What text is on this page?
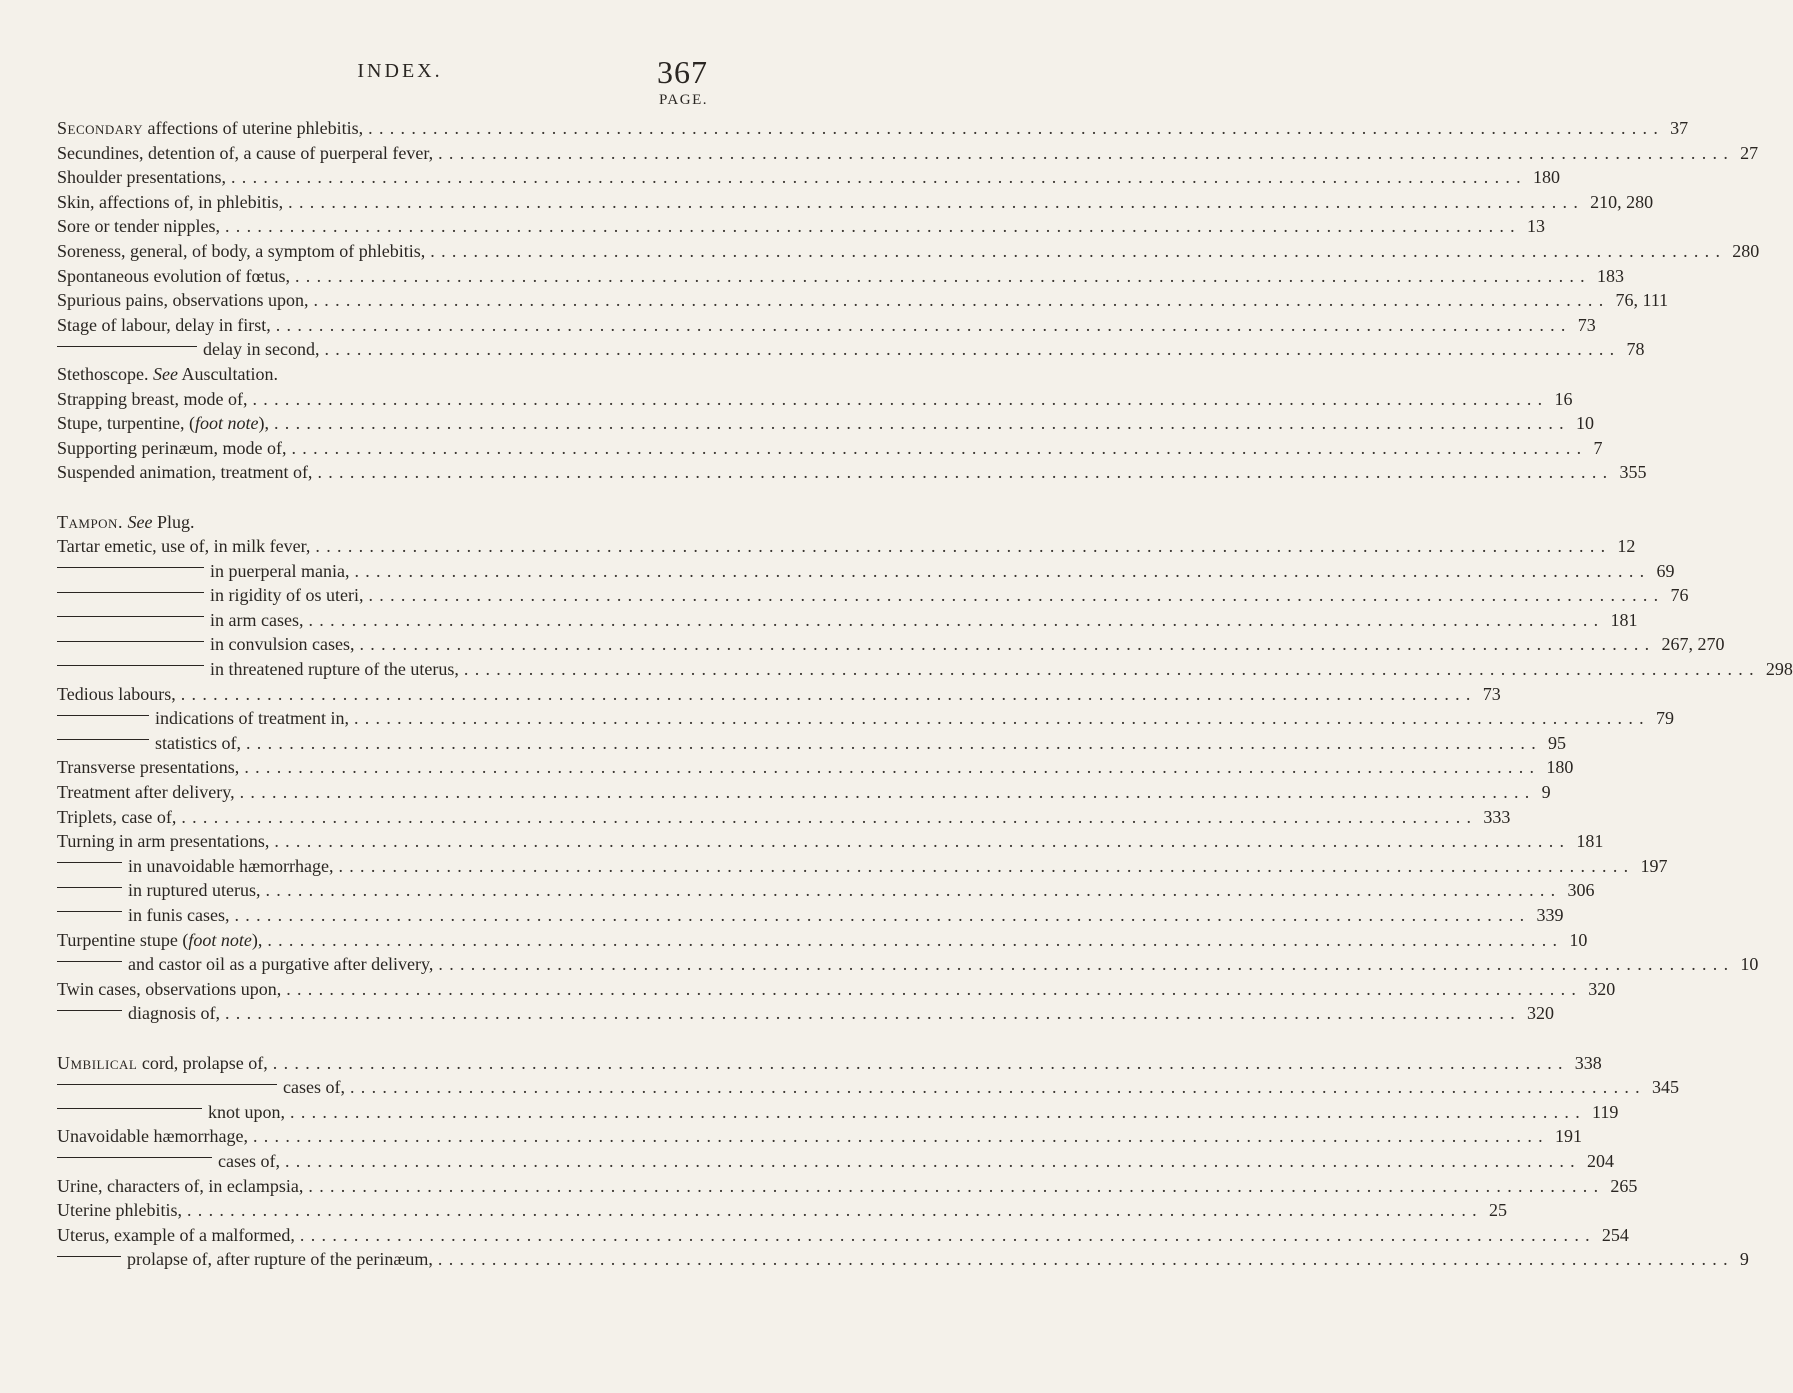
INDEX.	367
PAGE.
Secondary affections of uterine phlebitis, ........................................................................................................................ 37
Secundines, detention of, a cause of puerperal fever, ........................................................................................................................ 27
Shoulder presentations, ........................................................................................................................ 180
Skin, affections of, in phlebitis, ........................................................................................................................ 210, 280
Sore or tender nipples, ........................................................................................................................ 13
Soreness, general, of body, a symptom of phlebitis, ........................................................................................................................ 280
Spontaneous evolution of fœtus, ........................................................................................................................ 183
Spurious pains, observations upon, ........................................................................................................................ 76, 111
Stage of labour, delay in first, ........................................................................................................................ 73
delay in second, ........................................................................................................................ 78
Stethoscope. See Auscultation.
Strapping breast, mode of, ........................................................................................................................ 16
Stupe, turpentine, (foot note), ........................................................................................................................ 10
Supporting perinæum, mode of, ........................................................................................................................ 7
Suspended animation, treatment of, ........................................................................................................................ 355
Tampon. See Plug.
Tartar emetic, use of, in milk fever, ........................................................................................................................ 12
in puerperal mania, ........................................................................................................................ 69
in rigidity of os uteri, ........................................................................................................................ 76
in arm cases, ........................................................................................................................ 181
in convulsion cases, ........................................................................................................................ 267, 270
in threatened rupture of the uterus, ........................................................................................................................ 298
Tedious labours, ........................................................................................................................ 73
indications of treatment in, ........................................................................................................................ 79
statistics of, ........................................................................................................................ 95
Transverse presentations, ........................................................................................................................ 180
Treatment after delivery, ........................................................................................................................ 9
Triplets, case of, ........................................................................................................................ 333
Turning in arm presentations, ........................................................................................................................ 181
in unavoidable hæmorrhage, ........................................................................................................................ 197
in ruptured uterus, ........................................................................................................................ 306
in funis cases, ........................................................................................................................ 339
Turpentine stupe (foot note), ........................................................................................................................ 10
and castor oil as a purgative after delivery, ........................................................................................................................ 10
Twin cases, observations upon, ........................................................................................................................ 320
diagnosis of, ........................................................................................................................ 320
Umbilical cord, prolapse of, ........................................................................................................................ 338
cases of, ........................................................................................................................ 345
knot upon, ........................................................................................................................ 119
Unavoidable hæmorrhage, ........................................................................................................................ 191
cases of, ........................................................................................................................ 204
Urine, characters of, in eclampsia, ........................................................................................................................ 265
Uterine phlebitis, ........................................................................................................................ 25
Uterus, example of a malformed, ........................................................................................................................ 254
prolapse of, after rupture of the perinæum, ........................................................................................................................ 9
